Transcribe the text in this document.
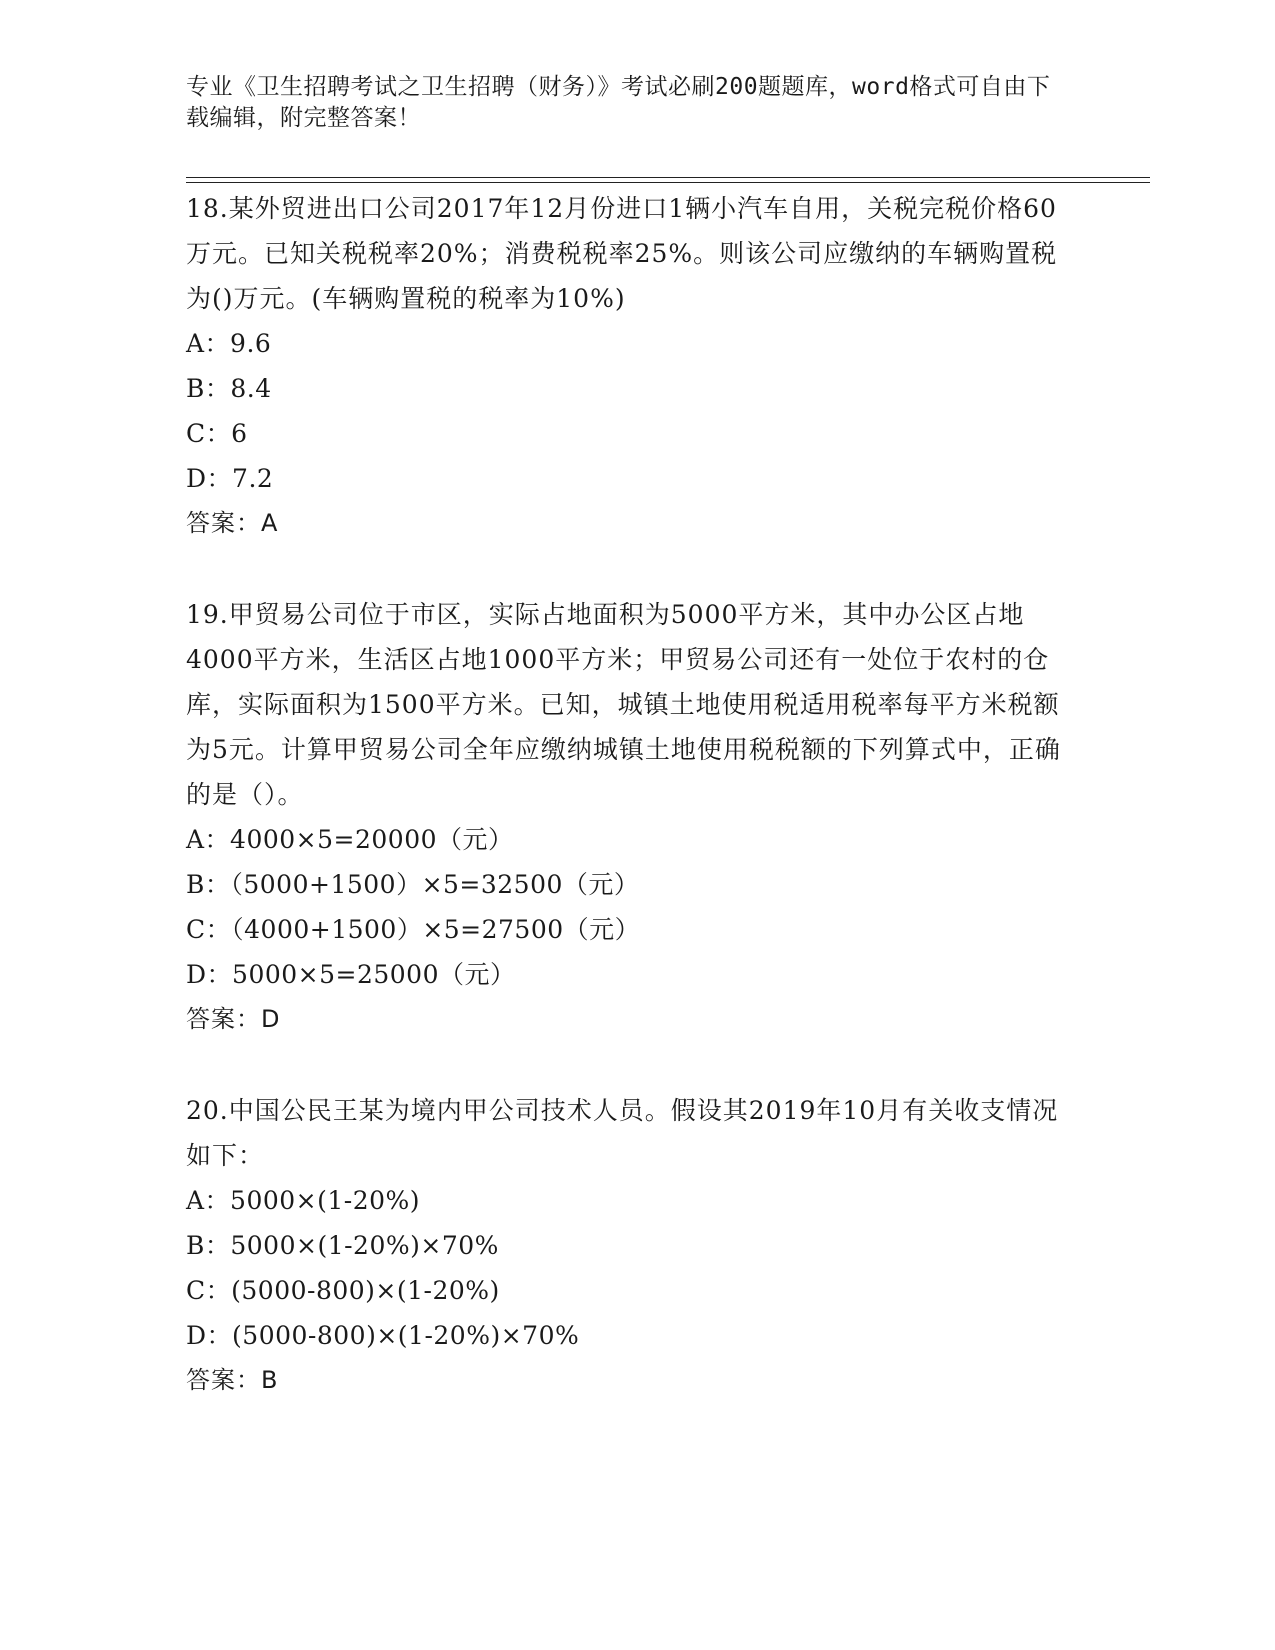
专业《卫生招聘考试之卫生招聘（财务）》考试必刷200题题库，word格式可自由下载编辑，附完整答案！

18.某外贸进出口公司2017年12月份进口1辆小汽车自用，关税完税价格60万元。已知关税税率20%；消费税税率25%。则该公司应缴纳的车辆购置税为()万元。(车辆购置税的税率为10%)

A：9.6

B：8.4

C：6

D：7.2

答案：A

19.甲贸易公司位于市区，实际占地面积为5000平方米，其中办公区占地4000平方米，生活区占地1000平方米；甲贸易公司还有一处位于农村的仓库，实际面积为1500平方米。已知，城镇土地使用税适用税率每平方米税额为5元。计算甲贸易公司全年应缴纳城镇土地使用税税额的下列算式中，正确的是（）。

A：4000×5=20000（元）

B：（5000+1500）×5=32500（元）

C：（4000+1500）×5=27500（元）

D：5000×5=25000（元）

答案：D

20.中国公民王某为境内甲公司技术人员。假设其2019年10月有关收支情况如下：

A：5000×(1-20%)

B：5000×(1-20%)×70%

C：(5000-800)×(1-20%)

D：(5000-800)×(1-20%)×70%

答案：B
